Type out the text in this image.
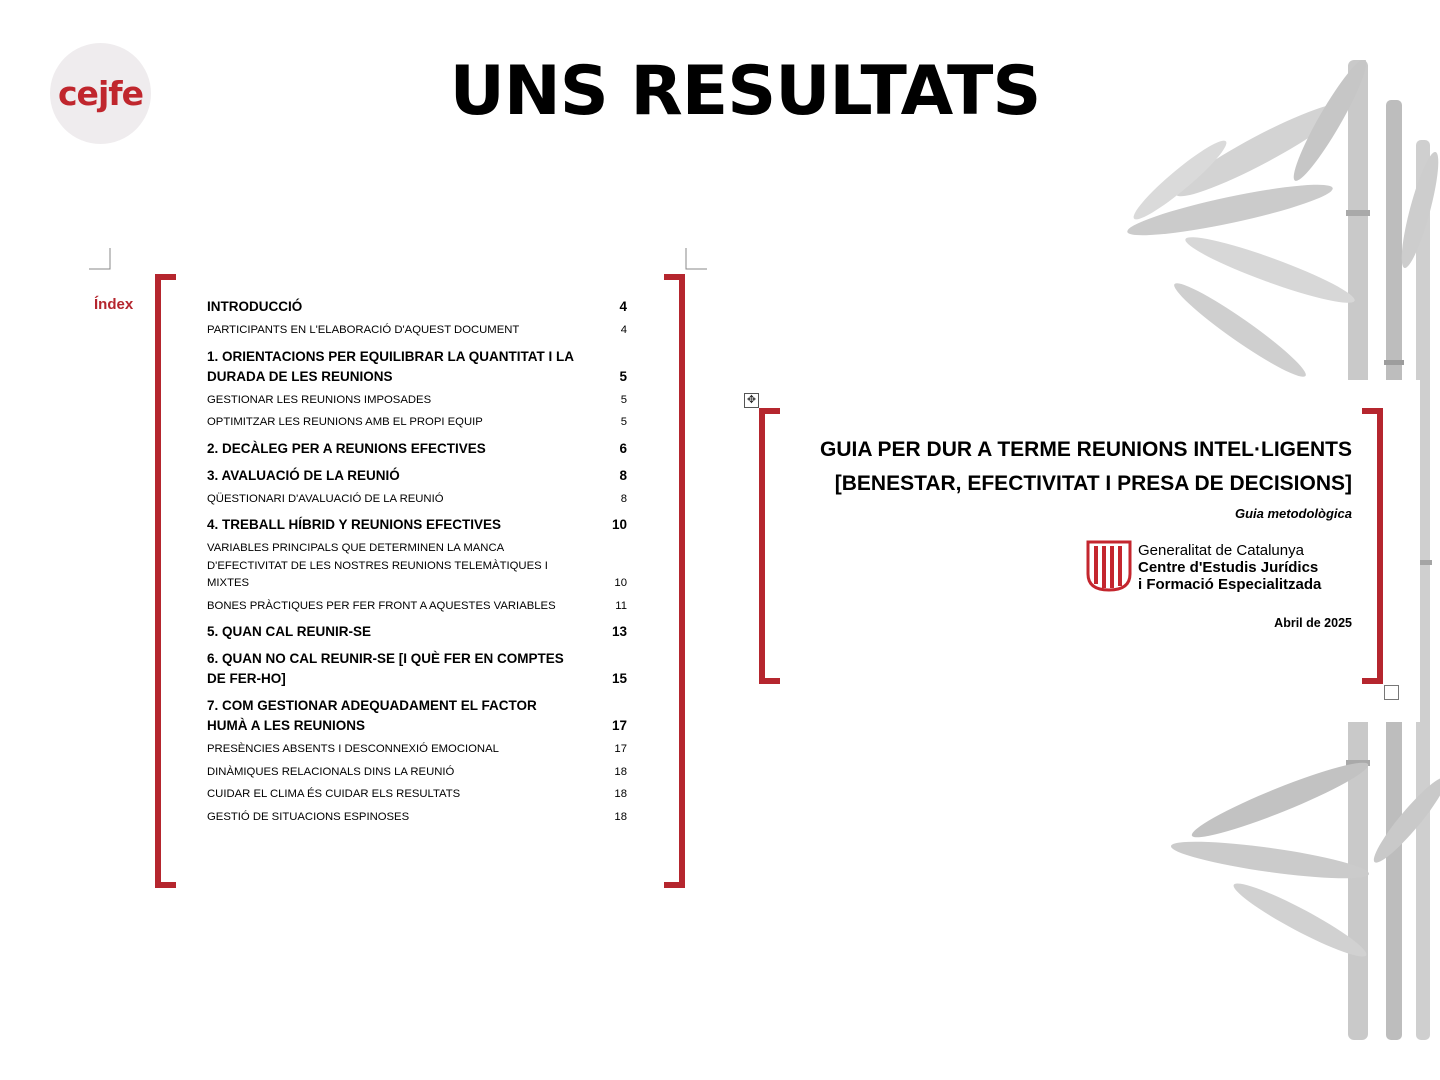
cejfe	UNS RESULTATS
Índex	INTRODUCCIÓ	4
PARTICIPANTS EN L'ELABORACIÓ D'AQUEST DOCUMENT	4
1. ORIENTACIONS PER EQUILIBRAR LA QUANTITAT I LA DURADA DE LES REUNIONS	5
GESTIONAR LES REUNIONS IMPOSADES	5
OPTIMITZAR LES REUNIONS AMB EL PROPI EQUIP	5
2. DECÀLEG PER A REUNIONS EFECTIVES	6
3. AVALUACIÓ DE LA REUNIÓ	8
QÜESTIONARI D'AVALUACIÓ DE LA REUNIÓ	8
4. TREBALL HÍBRID Y REUNIONS EFECTIVES	10
VARIABLES PRINCIPALS QUE DETERMINEN LA MANCA D'EFECTIVITAT DE LES NOSTRES REUNIONS TELEMÀTIQUES I MIXTES	10
BONES PRÀCTIQUES PER FER FRONT A AQUESTES VARIABLES	11
5. QUAN CAL REUNIR-SE	13
6. QUAN NO CAL REUNIR-SE [I QUÈ FER EN COMPTES DE FER-HO]	15
7. COM GESTIONAR ADEQUADAMENT EL FACTOR HUMÀ A LES REUNIONS	17
PRESÈNCIES ABSENTS I DESCONNEXIÓ EMOCIONAL	17
DINÀMIQUES RELACIONALS DINS LA REUNIÓ	18
CUIDAR EL CLIMA ÉS CUIDAR ELS RESULTATS	18
GESTIÓ DE SITUACIONS ESPINOSES	18
✥
GUIA PER DUR A TERME REUNIONS INTEL·LIGENTS
[BENESTAR, EFECTIVITAT I PRESA DE DECISIONS]
Guia metodològica
Generalitat de Catalunya
Centre d'Estudis Jurídics
i Formació Especialitzada
Abril de 2025
